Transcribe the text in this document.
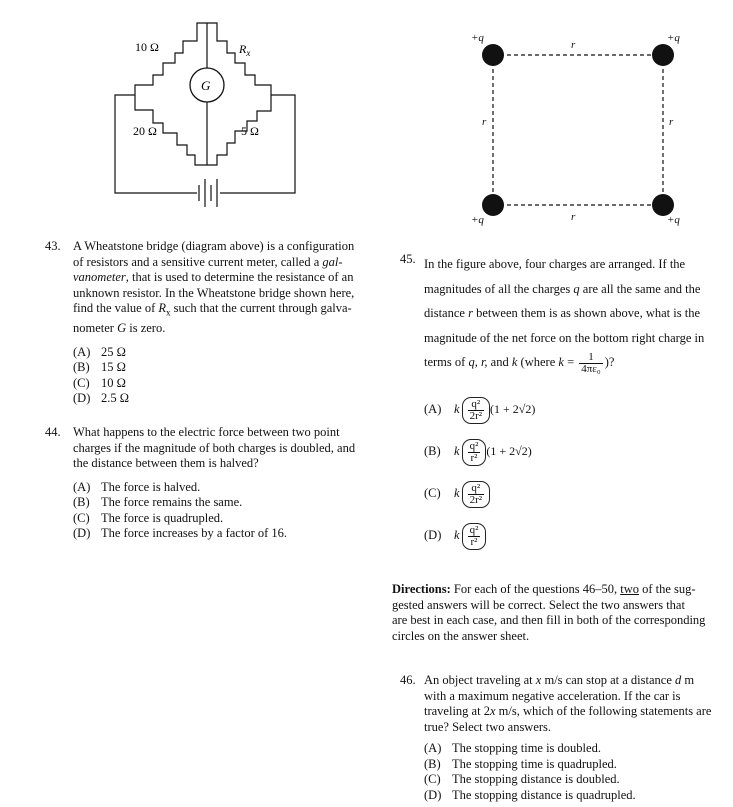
G
10 Ω	$R_x$
20 Ω	5 Ω
+q	+q
+q	+q
r
r
r	r
43. A Wheatstone bridge (diagram above) is a configuration
of resistors and a sensitive current meter, called a gal-
vanometer, that is used to determine the resistance of an
unknown resistor. In the Wheatstone bridge shown here,
find the value of $R_x$ such that the current through galva-
nometer G is zero.
(A) 25 Ω
(B) 15 Ω
(C) 10 Ω
(D) 2.5 Ω
44. What happens to the electric force between two point
charges if the magnitude of both charges is doubled, and
the distance between them is halved?
(A) The force is halved.
(B) The force remains the same.
(C) The force is quadrupled.
(D) The force increases by a factor of 16.
45. In the figure above, four charges are arranged. If the
magnitudes of all the charges q are all the same and the
distance r between them is as shown above, what is the
magnitude of the net force on the bottom right charge in
terms of q, r, and k (where $k = \frac{1}{\text{4πε₀}}$ )?
(A)	k $\frac{\text{q²}}{\text{2r²}} (1 + 2√2)$
(B)	k $\frac{\text{q²}}{\text{r²}} (1 + 2√2)$
(C)	k $\frac{\text{q²}}{\text{2r²}}$
(D)	k $\frac{\text{q²}}{\text{r²}}$
Directions: For each of the questions 46–50, two of the sug-
gested answers will be correct. Select the two answers that
are best in each case, and then fill in both of the corresponding
circles on the answer sheet.
46. An object traveling at x m/s can stop at a distance d m
with a maximum negative acceleration. If the car is
traveling at 2x m/s, which of the following statements are
true? Select two answers.
(A) The stopping time is doubled.
(B) The stopping time is quadrupled.
(C) The stopping distance is doubled.
(D) The stopping distance is quadrupled.
